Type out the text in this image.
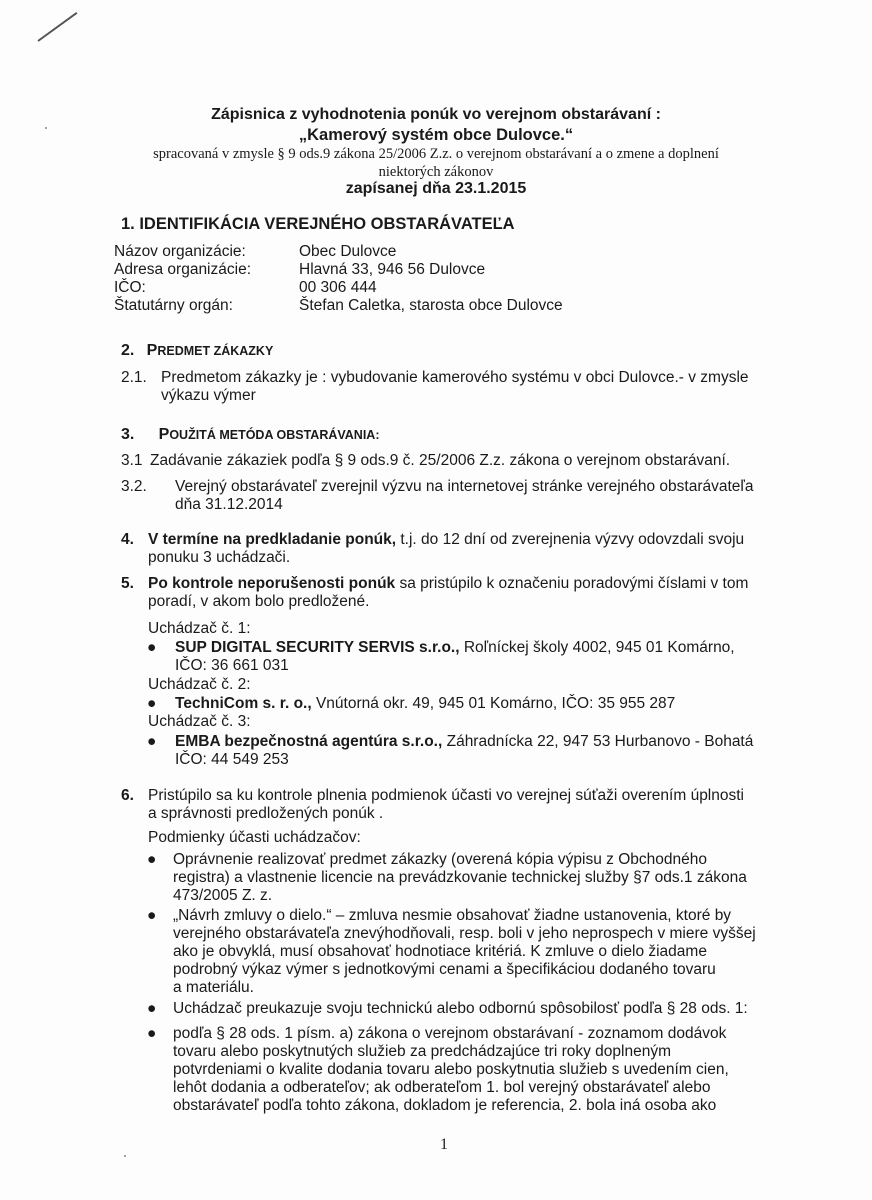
Zápisnica z vyhodnotenia ponúk vo verejnom obstarávaní :
„Kamerový systém obce Dulovce.“
spracovaná v zmysle § 9 ods.9 zákona 25/2006 Z.z. o verejnom obstarávaní a o zmene a doplnení
niektorých zákonov
zapísanej dňa 23.1.2015
1. IDENTIFIKÁCIA VEREJNÉHO OBSTARÁVATEĽA
Názov organizácie:	Obec Dulovce
Adresa organizácie:	Hlavná 33, 946 56 Dulovce
IČO:	00 306 444
Štatutárny orgán:	Štefan Caletka, starosta obce Dulovce
2. PREDMET ZÁKAZKY
2.1. Predmetom zákazky je : vybudovanie kamerového systému v obci Dulovce.- v zmysle
výkazu výmer
3. POUŽITÁ METÓDA OBSTARÁVANIA:
3.1 Zadávanie zákaziek podľa § 9 ods.9 č. 25/2006 Z.z. zákona o verejnom obstarávaní.
3.2. Verejný obstarávateľ zverejnil výzvu na internetovej stránke verejného obstarávateľa
dňa 31.12.2014
4. V termíne na predkladanie ponúk, t.j. do 12 dní od zverejnenia výzvy odovzdali svoju
ponuku 3 uchádzači.
5. Po kontrole neporušenosti ponúk sa pristúpilo k označeniu poradovými číslami v tom
poradí, v akom bolo predložené.
Uchádzač č. 1:
● SUP DIGITAL SECURITY SERVIS s.r.o., Roľníckej školy 4002, 945 01 Komárno,
IČO: 36 661 031
Uchádzač č. 2:
● TechniCom s. r. o., Vnútorná okr. 49, 945 01 Komárno, IČO: 35 955 287
Uchádzač č. 3:
● EMBA bezpečnostná agentúra s.r.o., Záhradnícka 22, 947 53 Hurbanovo - Bohatá
IČO: 44 549 253
6. Pristúpilo sa ku kontrole plnenia podmienok účasti vo verejnej súťaži overením úplnosti
a správnosti predložených ponúk .
Podmienky účasti uchádzačov:
● Oprávnenie realizovať predmet zákazky (overená kópia výpisu z Obchodného
registra) a vlastnenie licencie na prevádzkovanie technickej služby §7 ods.1 zákona
473/2005 Z. z.
● „Návrh zmluvy o dielo.“ – zmluva nesmie obsahovať žiadne ustanovenia, ktoré by
verejného obstarávateľa znevýhodňovali, resp. boli v jeho neprospech v miere vyššej
ako je obvyklá, musí obsahovať hodnotiace kritériá. K zmluve o dielo žiadame
podrobný výkaz výmer s jednotkovými cenami a špecifikáciou dodaného tovaru
a materiálu.
● Uchádzač preukazuje svoju technickú alebo odbornú spôsobilosť podľa § 28 ods. 1:
● podľa § 28 ods. 1 písm. a) zákona o verejnom obstarávaní - zoznamom dodávok
tovaru alebo poskytnutých služieb za predchádzajúce tri roky doplneným
potvrdeniami o kvalite dodania tovaru alebo poskytnutia služieb s uvedením cien,
lehôt dodania a odberateľov; ak odberateľom 1. bol verejný obstarávateľ alebo
obstarávateľ podľa tohto zákona, dokladom je referencia, 2. bola iná osoba ako
1
